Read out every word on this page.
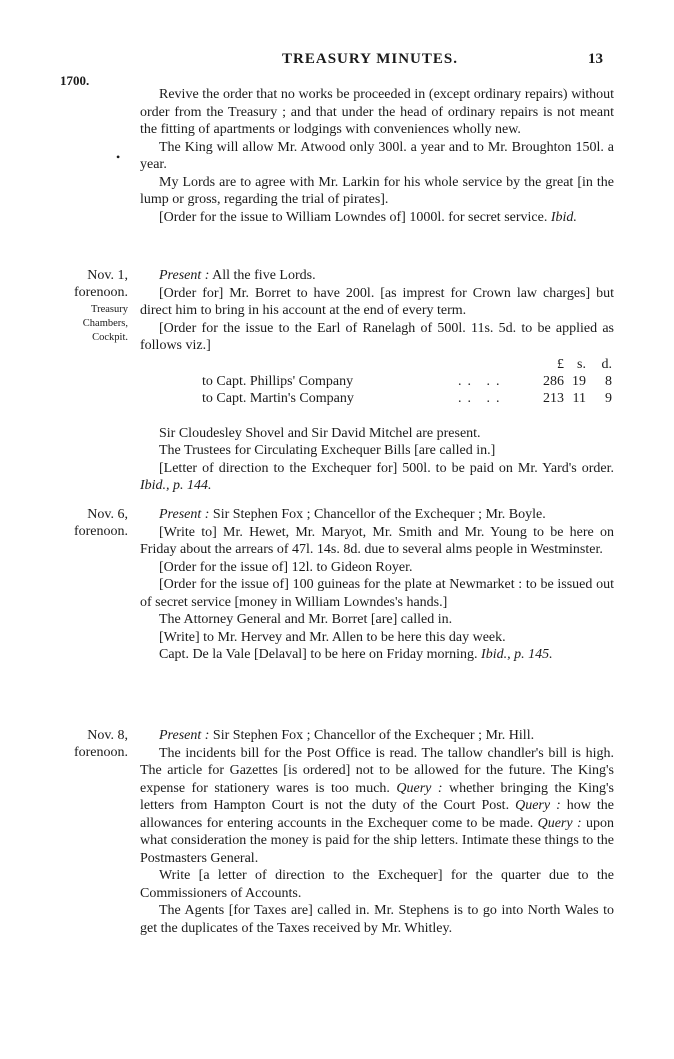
TREASURY MINUTES.	13
1700.
•

Revive the order that no works be proceeded in (except ordinary repairs) without order from the Treasury ; and that under the head of ordinary repairs is not meant the fitting of apartments or lodgings with conveniences wholly new.

The King will allow Mr. Atwood only 300l. a year and to Mr. Broughton 150l. a year.

My Lords are to agree with Mr. Larkin for his whole service by the great [in the lump or gross, regarding the trial of pirates].

[Order for the issue to William Lowndes of] 1000l. for secret service. Ibid.

Nov. 1,
forenoon.
Treasury
Chambers,
Cockpit.

Present : All the five Lords.

[Order for] Mr. Borret to have 200l. [as imprest for Crown law charges] but direct him to bring in his account at the end of every term.

[Order for the issue to the Earl of Ranelagh of 500l. 11s. 5d. to be applied as follows viz.]

		£	s.	d.
to Capt. Phillips' Company	.. ..	286	19	8
to Capt. Martin's Company	.. ..	213	11	9

Sir Cloudesley Shovel and Sir David Mitchel are present.

The Trustees for Circulating Exchequer Bills [are called in.]

[Letter of direction to the Exchequer for] 500l. to be paid on Mr. Yard's order. Ibid., p. 144.

Nov. 6,
forenoon.

Present : Sir Stephen Fox ; Chancellor of the Exchequer ; Mr. Boyle.

[Write to] Mr. Hewet, Mr. Maryot, Mr. Smith and Mr. Young to be here on Friday about the arrears of 47l. 14s. 8d. due to several alms people in Westminster.

[Order for the issue of] 12l. to Gideon Royer.

[Order for the issue of] 100 guineas for the plate at Newmarket : to be issued out of secret service [money in William Lowndes's hands.]

The Attorney General and Mr. Borret [are] called in.

[Write] to Mr. Hervey and Mr. Allen to be here this day week.

Capt. De la Vale [Delaval] to be here on Friday morning. Ibid., p. 145.

Nov. 8,
forenoon.

Present : Sir Stephen Fox ; Chancellor of the Exchequer ; Mr. Hill.

The incidents bill for the Post Office is read. The tallow chandler's bill is high. The article for Gazettes [is ordered] not to be allowed for the future. The King's expense for stationery wares is too much. Query : whether bringing the King's letters from Hampton Court is not the duty of the Court Post. Query : how the allowances for entering accounts in the Exchequer come to be made. Query : upon what consideration the money is paid for the ship letters. Intimate these things to the Postmasters General.

Write [a letter of direction to the Exchequer] for the quarter due to the Commissioners of Accounts.

The Agents [for Taxes are] called in. Mr. Stephens is to go into North Wales to get the duplicates of the Taxes received by Mr. Whitley.
